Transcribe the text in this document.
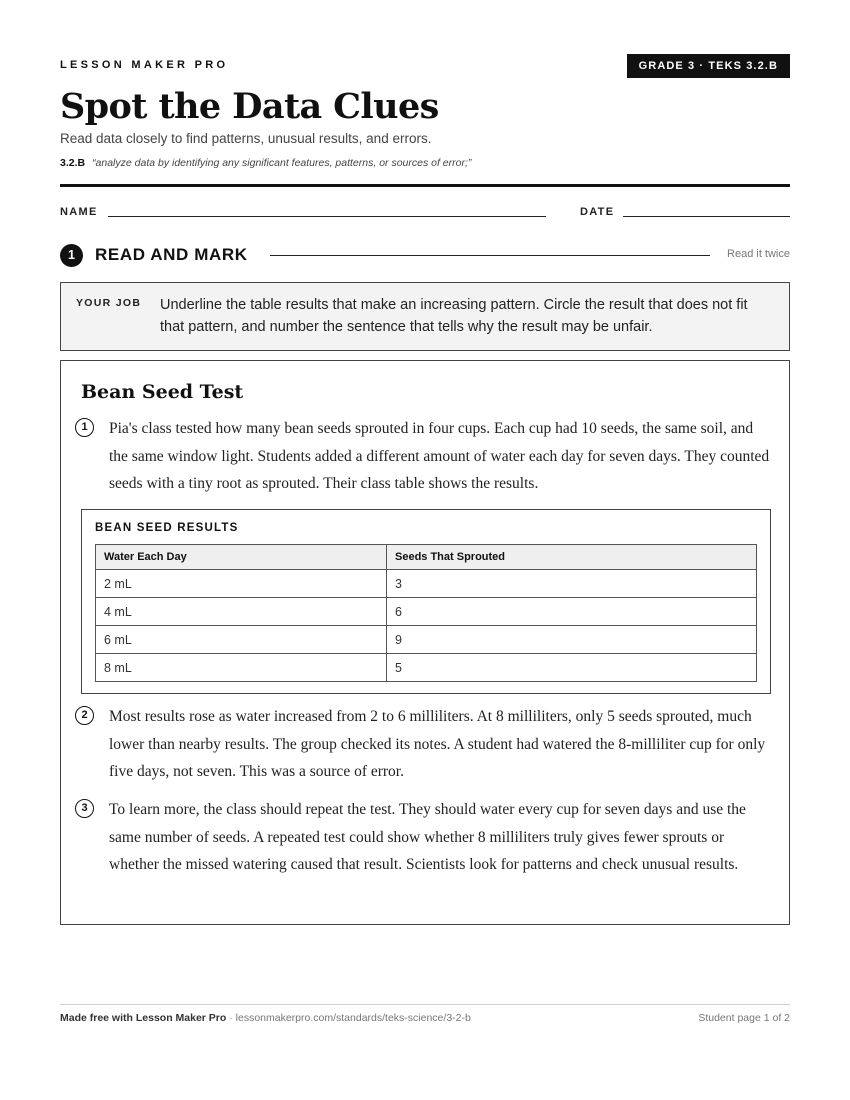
LESSON MAKER PRO	GRADE 3 · TEKS 3.2.B
Spot the Data Clues
Read data closely to find patterns, unusual results, and errors.
3.2.B “analyze data by identifying any significant features, patterns, or sources of error;”
NAME	DATE
1	READ AND MARK	Read it twice
YOUR JOB Underline the table results that make an increasing pattern. Circle the result that does not fit that pattern, and number the sentence that tells why the result may be unfair.
Bean Seed Test
1	Pia's class tested how many bean seeds sprouted in four cups. Each cup had 10 seeds, the same soil, and the same window light. Students added a different amount of water each day for seven days. They counted seeds with a tiny root as sprouted. Their class table shows the results.
BEAN SEED RESULTS
Water Each Day	Seeds That Sprouted
2 mL	3
4 mL	6
6 mL	9
8 mL	5
2	Most results rose as water increased from 2 to 6 milliliters. At 8 milliliters, only 5 seeds sprouted, much lower than nearby results. The group checked its notes. A student had watered the 8-milliliter cup for only five days, not seven. This was a source of error.
3	To learn more, the class should repeat the test. They should water every cup for seven days and use the same number of seeds. A repeated test could show whether 8 milliliters truly gives fewer sprouts or whether the missed watering caused that result. Scientists look for patterns and check unusual results.
Made free with Lesson Maker Pro · lessonmakerpro.com/standards/teks-science/3-2-b	Student page 1 of 2
